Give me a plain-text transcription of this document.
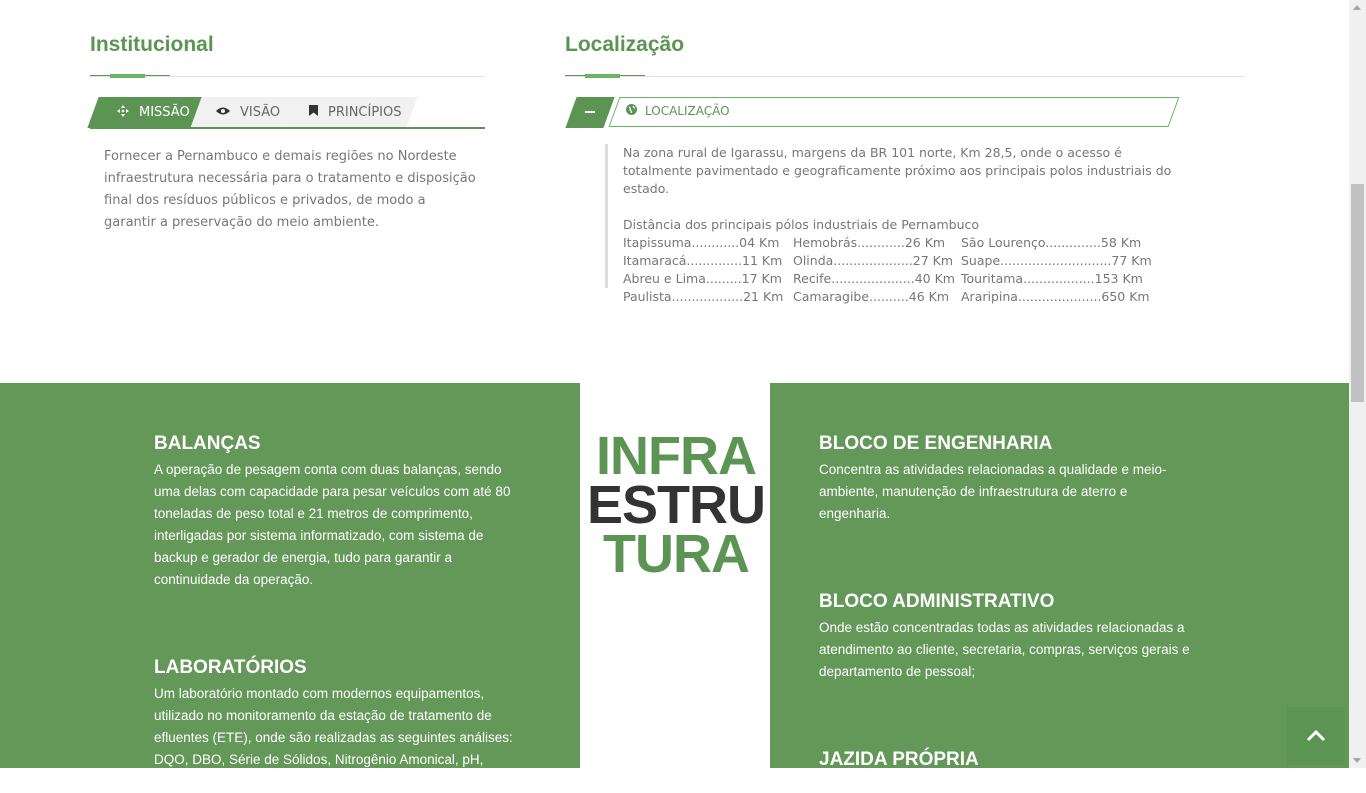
Institucional
MISSÃO	VISÃO	PRINCÍPIOS
Fornecer a Pernambuco e demais regiões no Nordeste infraestrutura necessária para o tratamento e disposição final dos resíduos públicos e privados, de modo a garantir a preservação do meio ambiente.
Localização
LOCALIZAÇÃO
Na zona rural de Igarassu, margens da BR 101 norte, Km 28,5, onde o acesso é totalmente pavimentado e geograficamente próximo aos principais polos industriais do estado.
Distância dos principais pólos industriais de Pernambuco
Itapissuma............04 Km	Hemobrás............26 Km	São Lourenço..............58 Km
Itamaracá..............11 Km Olinda....................27 Km Suape............................77 Km
Abreu e Lima.........17 Km Recife.....................40 Km Touritama..................153 Km
Paulista..................21 Km Camaragibe..........46 Km Araripina.....................650 Km
INFRA
ESTRU
TURA
BALANÇAS

A operação de pesagem conta com duas balanças, sendo uma delas com capacidade para pesar veículos com até 80 toneladas de peso total e 21 metros de comprimento, interligadas por sistema informatizado, com sistema de backup e gerador de energia, tudo para garantir a continuidade da operação.

LABORATÓRIOS

Um laboratório montado com modernos equipamentos, utilizado no monitoramento da estação de tratamento de efluentes (ETE), onde são realizadas as seguintes análises: DQO, DBO, Série de Sólidos, Nitrogênio Amonical, pH, Metais,

BLOCO DE ENGENHARIA

Concentra as atividades relacionadas a qualidade e meio-ambiente, manutenção de infraestrutura de aterro e engenharia.

BLOCO ADMINISTRATIVO

Onde estão concentradas todas as atividades relacionadas a atendimento ao cliente, secretaria, compras, serviços gerais e departamento de pessoal;

JAZIDA PRÓPRIA
